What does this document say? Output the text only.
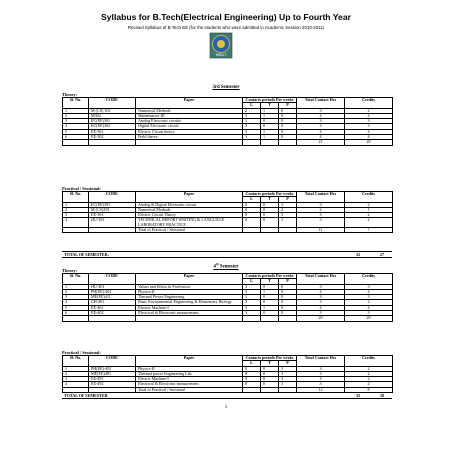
Syllabus for B.Tech(Electrical Engineering) Up to Fourth Year
Revised Syllabus of B.Tech EE (for the students who were admitted in Academic Session 2010-2011)
WBUT
3rd Semester
Theory:
Sl. No.	CODE	Paper	Contacts periods Per weeks			Total Contact Hrs	Credits
			L	T	P		
1	M (CS) 301	Numerical Methods	2	1	0	3	2
2	M302	Mathematics-III	3	1	0	4	4
3	EC(EE)301	Analog Electronic circuits	3	0	0	3	3
4	EC(EE)302	Digital Electronic circuit	3	0	0	3	3
5	EE-301	Electric Circuit theory	3	1	0	4	4
6	EE-302	Field theory	3	1	0	4	4
						21	20
Practical / Sessional:
Sl. No.	CODE	Paper	Contacts periods Per weeks			Total Contact Hrs	Credits
			L	T	P		
1	EC(EE)391	Analog & Digital Electronic circuit	0	0	3	3	2
2	M (CS)391	Numerical Methods	0	0	2	2	1
3	EE-391	Electric Circuit Theory	0	0	3	3	2
4	HU-381	TECHNICAL REPORT WRITING & LANGUAGE LABORATORY PRACTICE	0	0	3	3	2
		Total of Practical / Sessional				11	7
TOTAL OF SEMESTER:	32	27
4th Semester
Theory:
Sl. No.	CODE	Paper	Contacts periods Per weeks			Total Contact Hrs	Credits
			L	T	P		
1	HU-401	Values and Ethics in Profession	3	0	0	3	3
2	PH(EE)-401	Physics-II	3	1	0	4	4
3	ME(EE)411	Thermal Power Engineering	3	0	0	3	3
4	CH-401	Basic Environmental Engineering & Elementary Biology	3	0	0	3	2
5	EE-401	Electric Machine-I	3	1	0	4	4
6	EE-402	Electrical & Electronic measurement	3	0	0	3	3
						20	20
Practical / Sessional:
Sl. No.	CODE	Paper	Contacts periods Per weeks			Total Contact Hrs	Credits
			L	T	P		
1	PH(EE)-491	Physics-II	0	0	3	3	2
2	ME(EE)481	Thermal power Engineering Lab	0	0	3	3	2
3	EE-491	Electric Machine-I	0	0	3	3	2
4	EE-492	Electrical & Electronic measurement	0	0	3	3	2
		Total of Practical / Sessional				12	8
TOTAL OF SEMESTER	32	28
1
